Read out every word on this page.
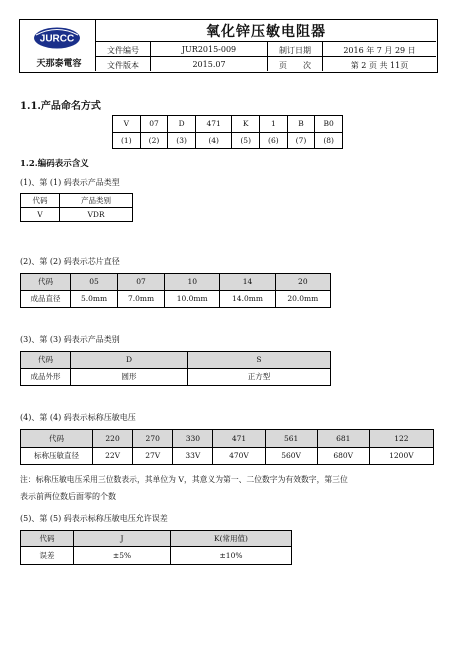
JURCC
天那泰電容
氧化锌压敏电阻器
文件编号	JUR2015-009	制订日期	2016 年 7 月 29 日
文件版本	2015.07	页　　次	第 2 页 共 11页
1.1.产品命名方式
V	07	D	471	K	1	B	B0
(1)	(2)	(3)	(4)	(5)	(6)	(7)	(8)
1.2.编码表示含义
(1)、第 (1) 码表示产品类型
代码	产品类别
V	VDR
(2)、第 (2) 码表示芯片直径
代码	05	07	10	14	20
成品直径	5.0mm	7.0mm	10.0mm	14.0mm	20.0mm
(3)、第 (3) 码表示产品类别
代码	D	S
成品外形	圆形	正方型
(4)、第 (4) 码表示标称压敏电压
代码	220	270	330	471	561	681	122
标称压敏直径	22V	27V	33V	470V	560V	680V	1200V
注：标称压敏电压采用三位数表示，其单位为 V，其意义为第一、二位数字为有效数字，第三位
表示前两位数后面零的个数
(5)、第 (5) 码表示标称压敏电压允许误差
代码	J	K(常用值)
误差	±5%	±10%
